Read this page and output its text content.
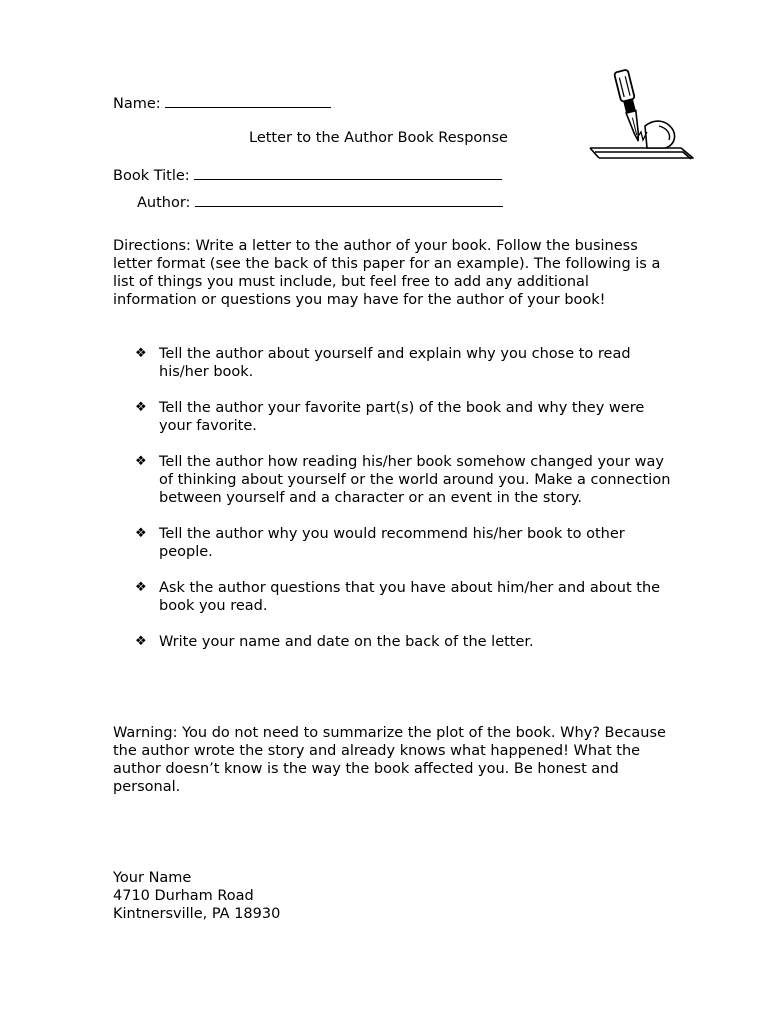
Name:
Letter to the Author Book Response
Book Title:
Author:
Directions: Write a letter to the author of your book. Follow the business letter format (see the back of this paper for an example). The following is a list of things you must include, but feel free to add any additional information or questions you may have for the author of your book!
❖ Tell the author about yourself and explain why you chose to read his/her book.
❖ Tell the author your favorite part(s) of the book and why they were your favorite.
❖ Tell the author how reading his/her book somehow changed your way of thinking about yourself or the world around you. Make a connection between yourself and a character or an event in the story.
❖ Tell the author why you would recommend his/her book to other people.
❖ Ask the author questions that you have about him/her and about the book you read.
❖ Write your name and date on the back of the letter.
Warning: You do not need to summarize the plot of the book. Why? Because the author wrote the story and already knows what happened! What the author doesn’t know is the way the book affected you. Be honest and personal.
Your Name
4710 Durham Road
Kintnersville, PA 18930
